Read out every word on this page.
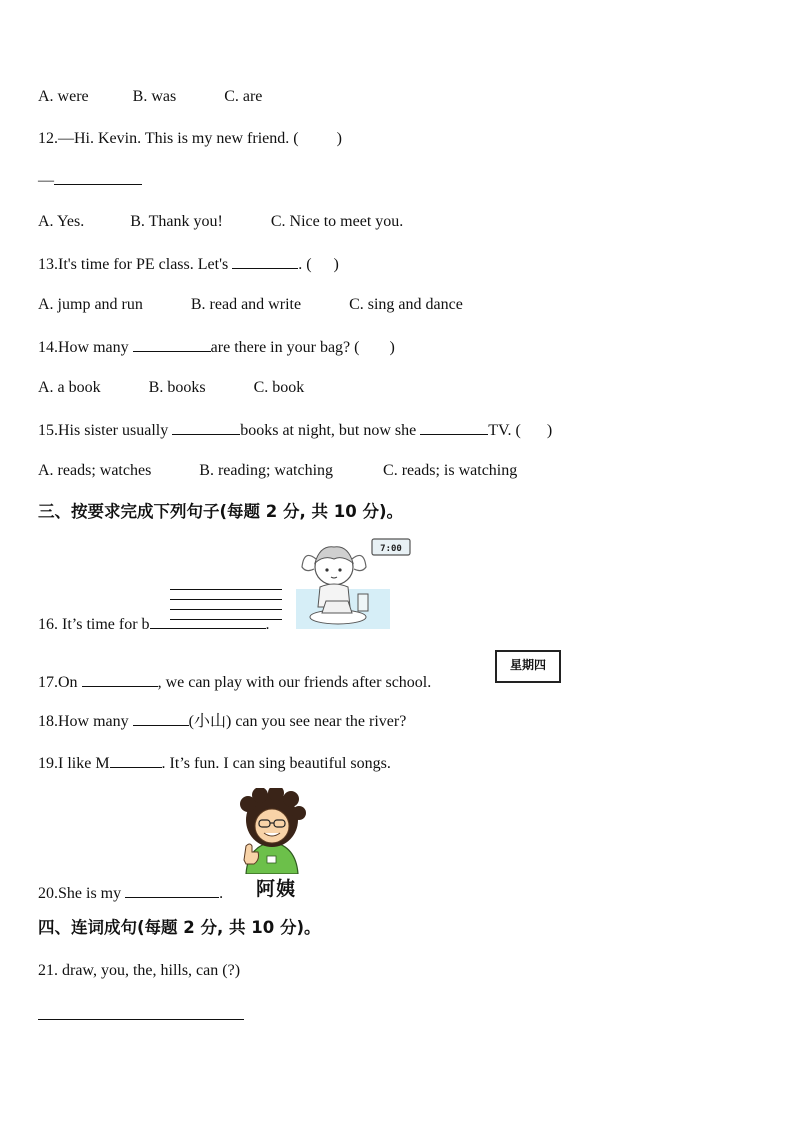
A. were	B. was	C. are
12.—Hi. Kevin. This is my new friend. ( )
—
A. Yes.	B. Thank you!	C. Nice to meet you.
13.It's time for PE class. Let's	. ( )
A. jump and run	B. read and write	C. sing and dance
14.How many	are there in your bag? ( )
A. a book	B. books	C. book
15.His sister usually	books at night, but now she	TV. ( )
A. reads; watches	B. reading; watching	C. reads; is watching
三、按要求完成下列句子(每题 2 分, 共 10 分)。
16. It’s time for b	.
7:00
17.On	, we can play with our friends after school.
星期四
18.How many	(小山) can you see near the river?
19.I like M	. It’s fun. I can sing beautiful songs.
阿姨
20.She is my	.
四、连词成句(每题 2 分, 共 10 分)。
21. draw, you, the, hills, can (?)
